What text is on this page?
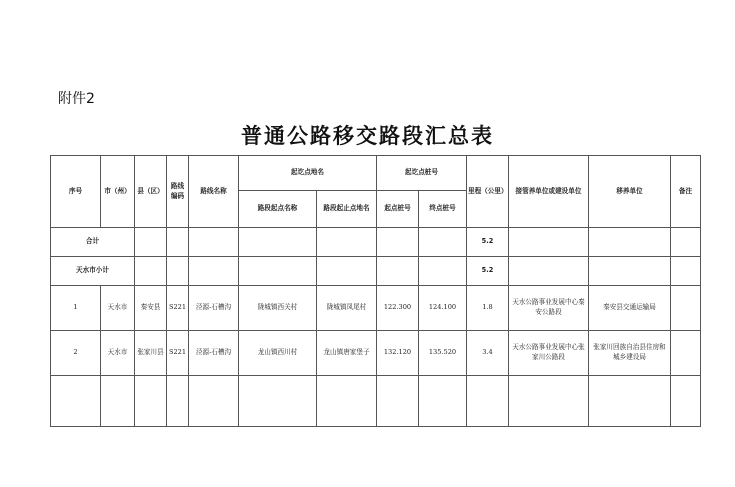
附件2
普通公路移交路段汇总表
序号	市（州）	县（区）	路线编码	路线名称	起讫点地名		起讫点桩号		里程（公里）	接管养单位或建设单位	移养单位	备注
					路段起点名称	路段起止点地名	起点桩号	终点桩号				
合计									5.2			
天水市小计									5.2			
1	天水市	秦安县	S221	泾源-石槽沟	陇城镇西关村	陇城镇凤尾村	122.300	124.100	1.8	天水公路事业发展中心秦安公路段	秦安县交通运输局	
2	天水市	张家川县	S221	泾源-石槽沟	龙山镇西川村	龙山镇唐家堡子	132.120	135.520	3.4	天水公路事业发展中心张家川公路段	张家川回族自治县住房和城乡建设局	
